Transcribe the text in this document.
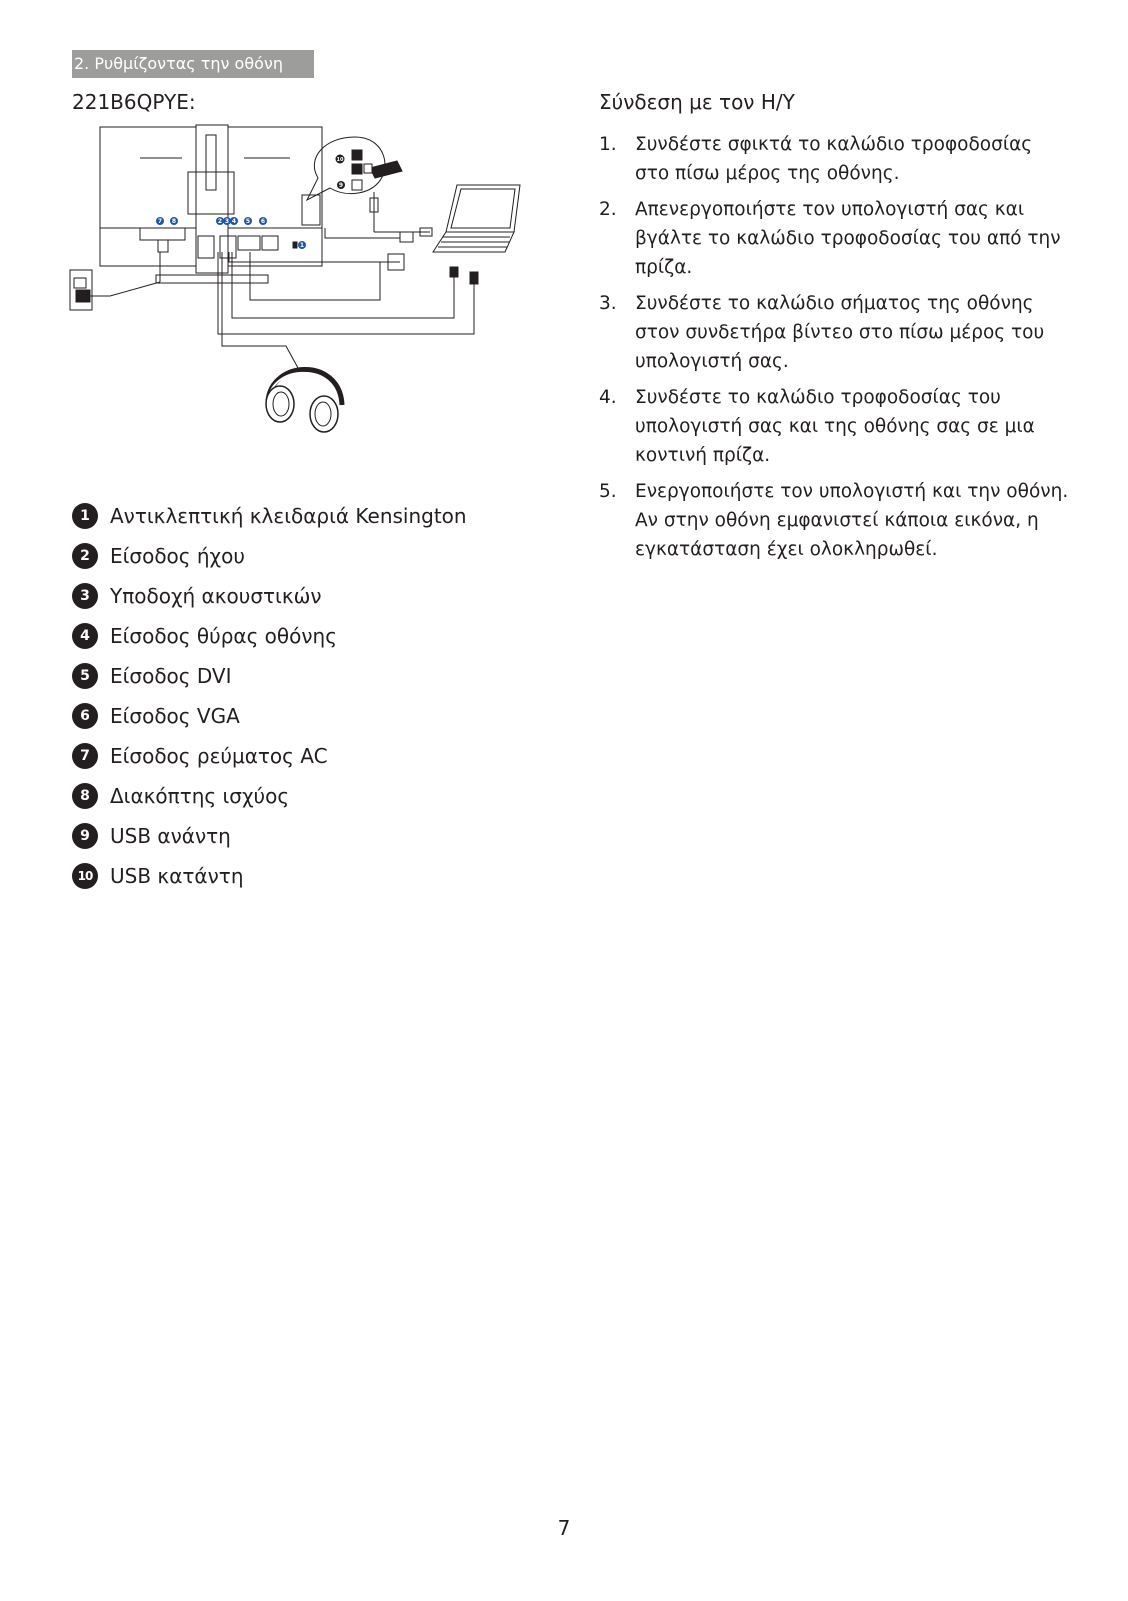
2. Ρυθμίζοντας την οθόνη
221B6QPYE:
7 8	2 3 4 5 6
1
10
9
1	Αντικλεπτική κλειδαριά Kensington
2	Είσοδος ήχου
3	Υποδοχή ακουστικών
4	Είσοδος θύρας οθόνης
5	Είσοδος DVI
6	Είσοδος VGA
7	Είσοδος ρεύματος AC
8	Διακόπτης ισχύος
9	USB ανάντη
10 USB κατάντη
Σύνδεση με τον Η/Υ
1. Συνδέστε σφικτά το καλώδιο τροφοδοσίας στο πίσω μέρος της οθόνης.
2. Απενεργοποιήστε τον υπολογιστή σας και βγάλτε το καλώδιο τροφοδοσίας του από την πρίζα.
3. Συνδέστε το καλώδιο σήματος της οθόνης στον συνδετήρα βίντεο στο πίσω μέρος του υπολογιστή σας.
4. Συνδέστε το καλώδιο τροφοδοσίας του υπολογιστή σας και της οθόνης σας σε μια κοντινή πρίζα.
5. Ενεργοποιήστε τον υπολογιστή και την οθόνη. Αν στην οθόνη εμφανιστεί κάποια εικόνα, η εγκατάσταση έχει ολοκληρωθεί.
7
